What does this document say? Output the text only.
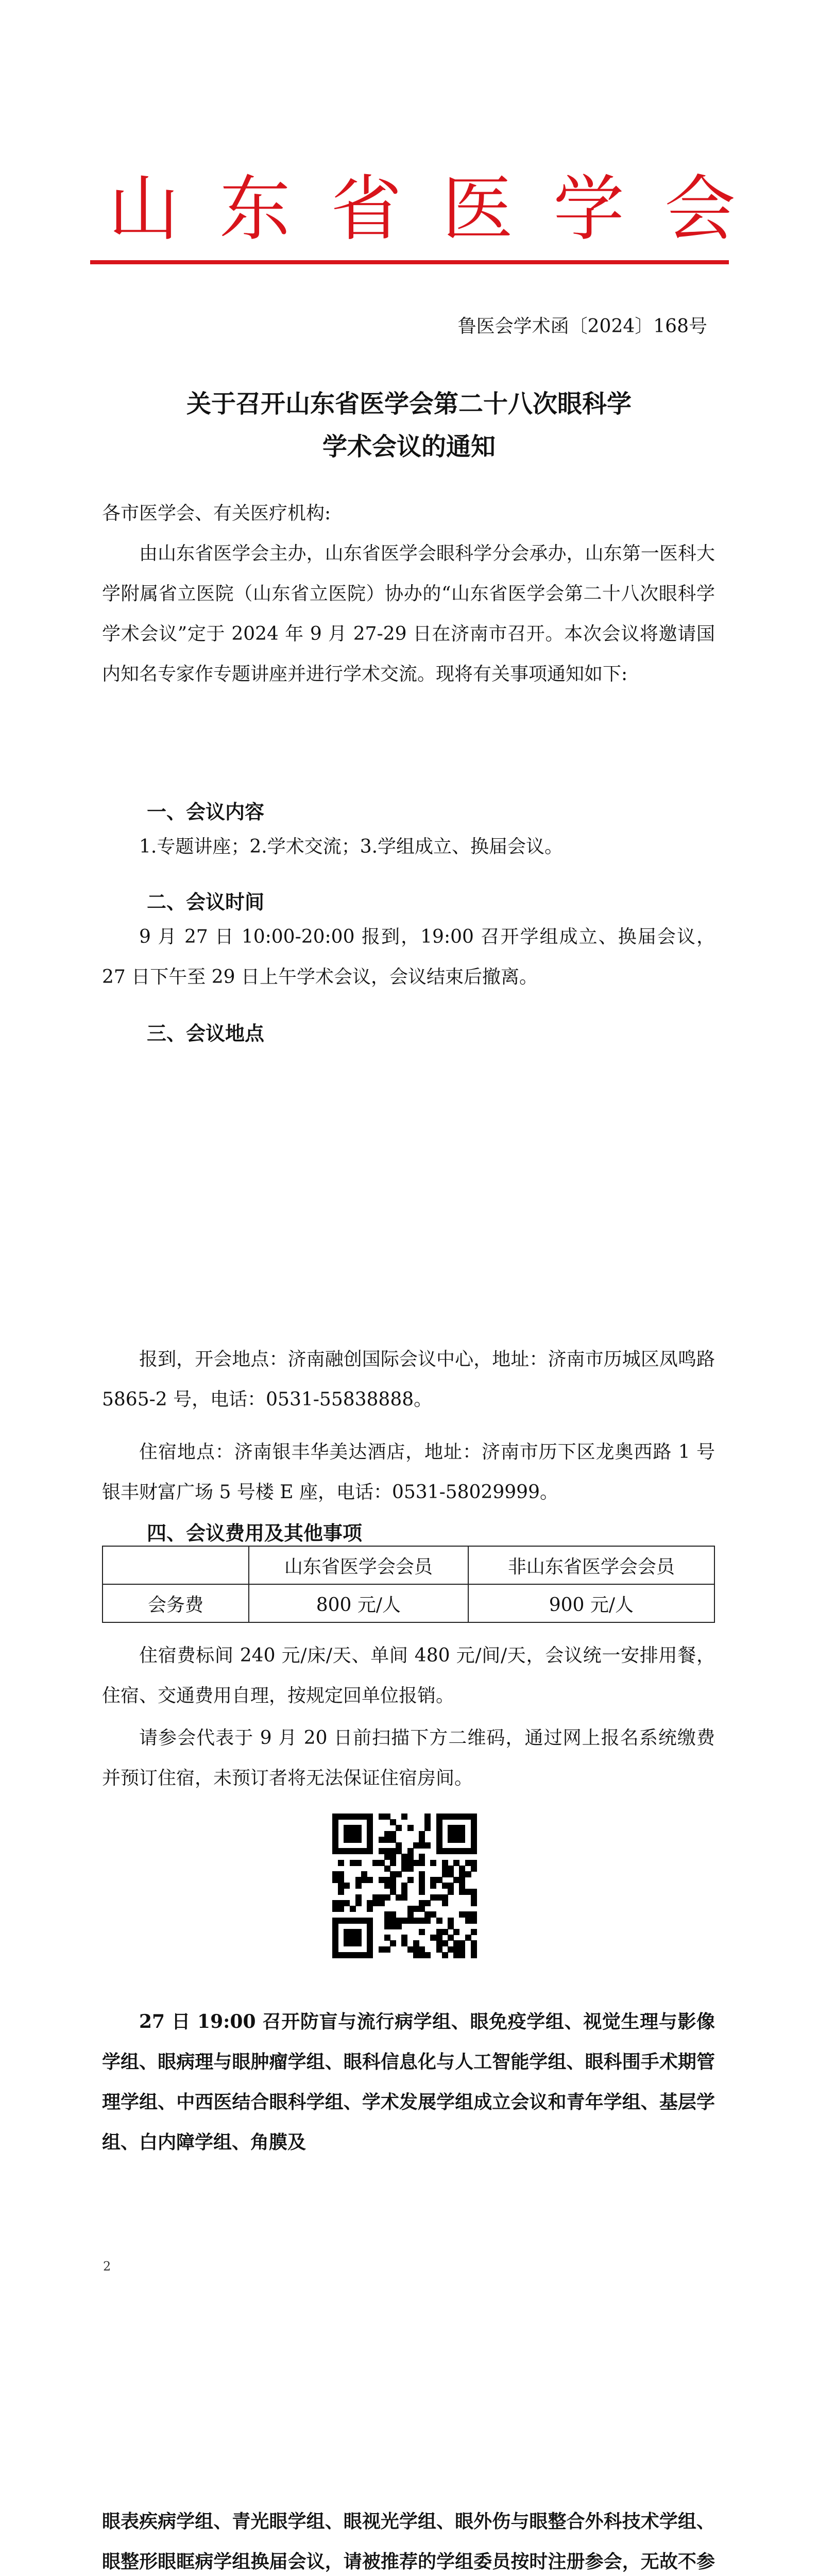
山东省医学会
鲁医会学术函〔2024〕168号
关于召开山东省医学会第二十八次眼科学
学术会议的通知
各市医学会、有关医疗机构:
由山东省医学会主办，山东省医学会眼科学分会承办，山东第一医科大学附属省立医院（山东省立医院）协办的“山东省医学会第二十八次眼科学学术会议”定于 2024 年 9 月 27-29 日在济南市召开。本次会议将邀请国内知名专家作专题讲座并进行学术交流。现将有关事项通知如下:
一、会议内容
1.专题讲座；2.学术交流；3.学组成立、换届会议。
二、会议时间
9 月 27 日 10:00-20:00 报到，19:00 召开学组成立、换届会议，27 日下午至 29 日上午学术会议，会议结束后撤离。
三、会议地点
报到，开会地点：济南融创国际会议中心，地址：济南市历城区凤鸣路 5865-2 号，电话：0531-55838888。
住宿地点：济南银丰华美达酒店，地址：济南市历下区龙奥西路 1 号银丰财富广场 5 号楼 E 座，电话：0531-58029999。
四、会议费用及其他事项
	山东省医学会会员	非山东省医学会会员
会务费	800 元/人	900 元/人
住宿费标间 240 元/床/天、单间 480 元/间/天，会议统一安排用餐，住宿、交通费用自理，按规定回单位报销。
请参会代表于 9 月 20 日前扫描下方二维码，通过网上报名系统缴费并预订住宿，未预订者将无法保证住宿房间。
27 日 19:00 召开防盲与流行病学组、眼免疫学组、视觉生理与影像学组、眼病理与眼肿瘤学组、眼科信息化与人工智能学组、眼科围手术期管理学组、中西医结合眼科学组、学术发展学组成立会议和青年学组、基层学组、白内障学组、角膜及
2
眼表疾病学组、青光眼学组、眼视光学组、眼外伤与眼整合外科技术学组、眼整形眼眶病学组换届会议，请被推荐的学组委员按时注册参会，无故不参
